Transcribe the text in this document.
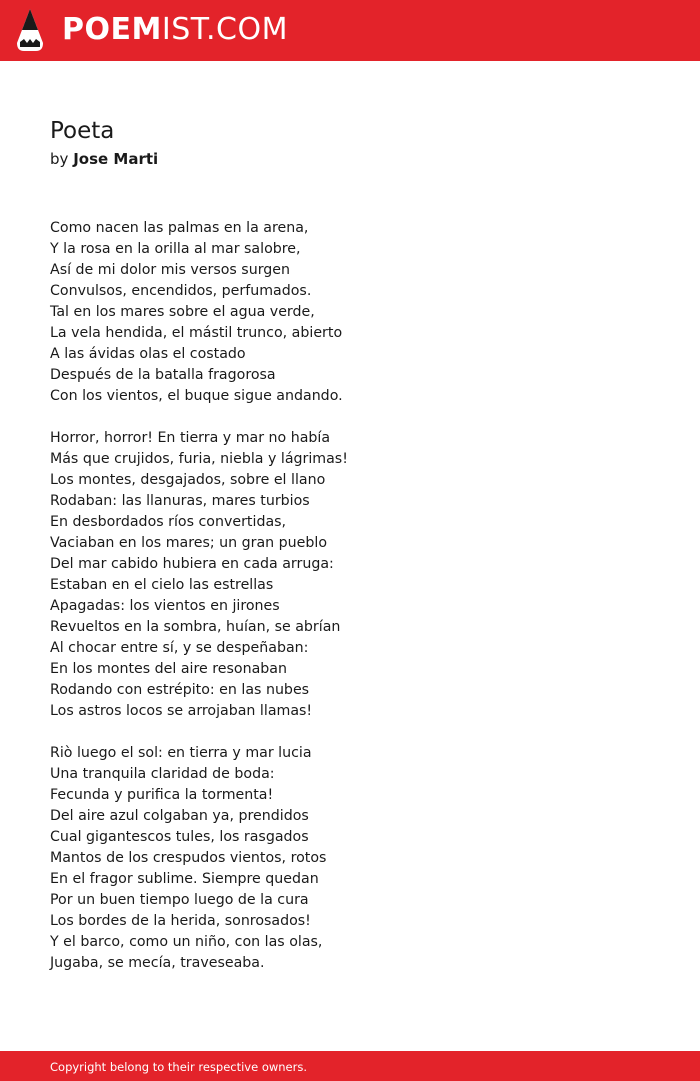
POEMIST.COM
Poeta
by Jose Marti
Como nacen las palmas en la arena,
Y la rosa en la orilla al mar salobre,
Así de mi dolor mis versos surgen
Convulsos, encendidos, perfumados.
Tal en los mares sobre el agua verde,
La vela hendida, el mástil trunco, abierto
A las ávidas olas el costado
Después de la batalla fragorosa
Con los vientos, el buque sigue andando.
Horror, horror! En tierra y mar no había
Más que crujidos, furia, niebla y lágrimas!
Los montes, desgajados, sobre el llano
Rodaban: las llanuras, mares turbios
En desbordados ríos convertidas,
Vaciaban en los mares; un gran pueblo
Del mar cabido hubiera en cada arruga:
Estaban en el cielo las estrellas
Apagadas: los vientos en jirones
Revueltos en la sombra, huían, se abrían
Al chocar entre sí, y se despeñaban:
En los montes del aire resonaban
Rodando con estrépito: en las nubes
Los astros locos se arrojaban llamas!
Riò luego el sol: en tierra y mar lucia
Una tranquila claridad de boda:
Fecunda y purifica la tormenta!
Del aire azul colgaban ya, prendidos
Cual gigantescos tules, los rasgados
Mantos de los crespudos vientos, rotos
En el fragor sublime. Siempre quedan
Por un buen tiempo luego de la cura
Los bordes de la herida, sonrosados!
Y el barco, como un niño, con las olas,
Jugaba, se mecía, traveseaba.
Copyright belong to their respective owners.
